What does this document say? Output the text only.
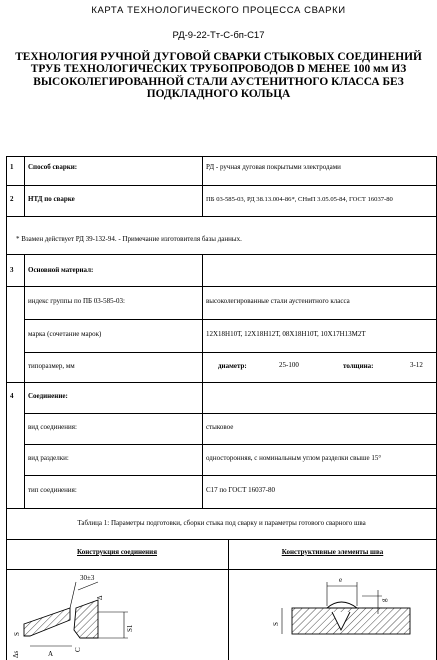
КАРТА ТЕХНОЛОГИЧЕСКОГО ПРОЦЕССА СВАРКИ
РД-9-22-Тт-С-бп-С17
ТЕХНОЛОГИЯ РУЧНОЙ ДУГОВОЙ СВАРКИ СТЫКОВЫХ СОЕДИНЕНИЙ ТРУБ ТЕХНОЛОГИЧЕСКИХ ТРУБОПРОВОДОВ D МЕНЕЕ 100 мм ИЗ ВЫСОКОЛЕГИРОВАННОЙ СТАЛИ АУСТЕНИТНОГО КЛАССА БЕЗ ПОДКЛАДНОГО КОЛЬЦА
1 Способ сварки:	РД - ручная дуговая покрытыми электродами
2 НТД по сварке	ПБ 03-585-03, РД 38.13.004-86*, СНиП 3.05.05-84, ГОСТ 16037-80
* Взамен действует РД 39-132-94. - Примечание изготовителя базы данных.
3 Основной материал:
индекс группы по ПБ 03-585-03:	высоколегированные стали аустенитного класса
марка (сочетание марок)	12Х18Н10Т, 12Х18Н12Т, 08Х18Н10Т, 10Х17Н13М2Т
типоразмер, мм	диаметр:	25-100	толщина:	3-12
4 Соединение:
вид соединения:	стыковое
вид разделки:	односторонняя, с номинальным углом разделки свыше 15°
тип соединения:	С17 по ГОСТ 16037-80
Таблица 1: Параметры подготовки, сборки стыка под сварку и параметры готового сварного шва
Конструкция соединения	Конструктивные элементы шва
30±3
Δ
S
S1
C
A
Δs
e
g
S
